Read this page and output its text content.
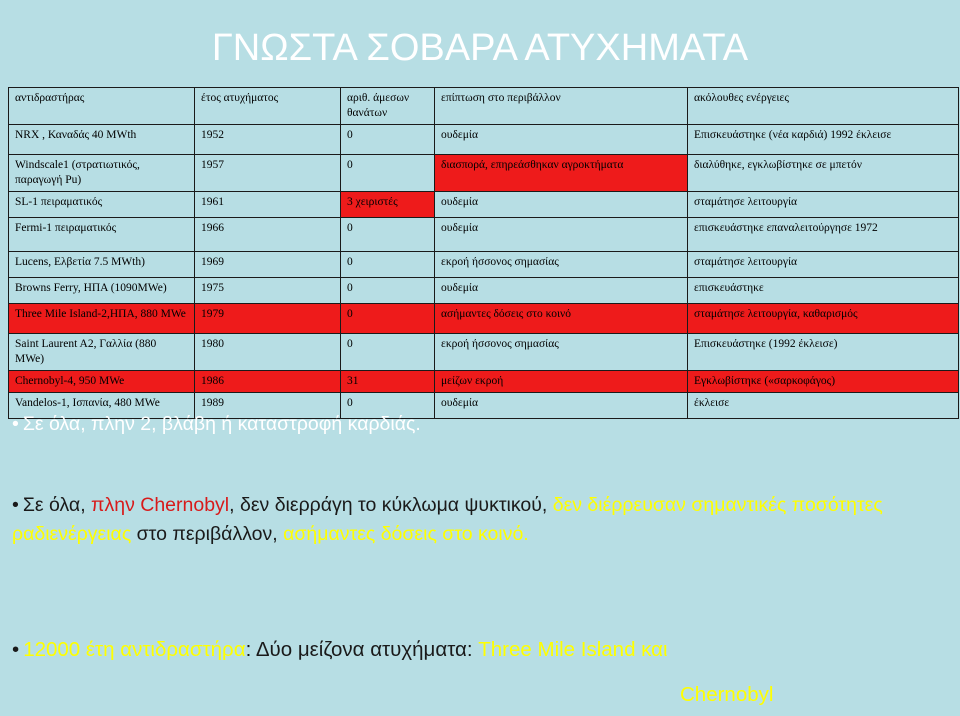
ΓΝΩΣΤΑ ΣΟΒΑΡΑ ΑΤΥΧΗΜΑΤΑ
αντιδραστήρας	έτος ατυχήματος	αριθ. άμεσων θανάτων	επίπτωση στο περιβάλλον	ακόλουθες ενέργειες
NRX , Καναδάς 40 MWth	1952	0	ουδεμία	Επισκευάστηκε (νέα καρδιά) 1992 έκλεισε
Windscale1 (στρατιωτικός, παραγωγή Pu)	1957	0	διασπορά, επηρεάσθηκαν αγροκτήματα	διαλύθηκε, εγκλωβίστηκε σε μπετόν
SL-1 πειραματικός	1961	3 χειριστές	ουδεμία	σταμάτησε λειτουργία
Fermi-1 πειραματικός	1966	0	ουδεμία	επισκευάστηκε επαναλειτούργησε 1972
Lucens, Ελβετία 7.5 MWth)	1969	0	εκροή ήσσονος σημασίας	σταμάτησε λειτουργία
Browns Ferry, ΗΠΑ (1090MWe)	1975	0	ουδεμία	επισκευάστηκε
Three Mile Island-2,ΗΠΑ, 880 MWe	1979	0	ασήμαντες δόσεις στο κοινό	σταμάτησε λειτουργία, καθαρισμός
Saint Laurent A2, Γαλλία (880 MWe)	1980	0	εκροή ήσσονος σημασίας	Επισκευάστηκε (1992 έκλεισε)
Chernobyl-4, 950 MWe	1986	31	μείζων εκροή	Εγκλωβίστηκε («σαρκοφάγος)
Vandelos-1, Ισπανία, 480 MWe	1989	0	ουδεμία	έκλεισε
• Σε όλα, πλην 2, βλάβη ή καταστροφή καρδιάς.
• Σε όλα, πλην Chernobyl, δεν διερράγη το κύκλωμα ψυκτικού, δεν διέρρευσαν σημαντικές ποσότητες ραδιενέργειας στο περιβάλλον, ασήμαντες δόσεις στο κοινό.
• 12000 έτη αντιδραστήρα: Δύο μείζονα ατυχήματα: Three Mile Island και
Chernobyl
